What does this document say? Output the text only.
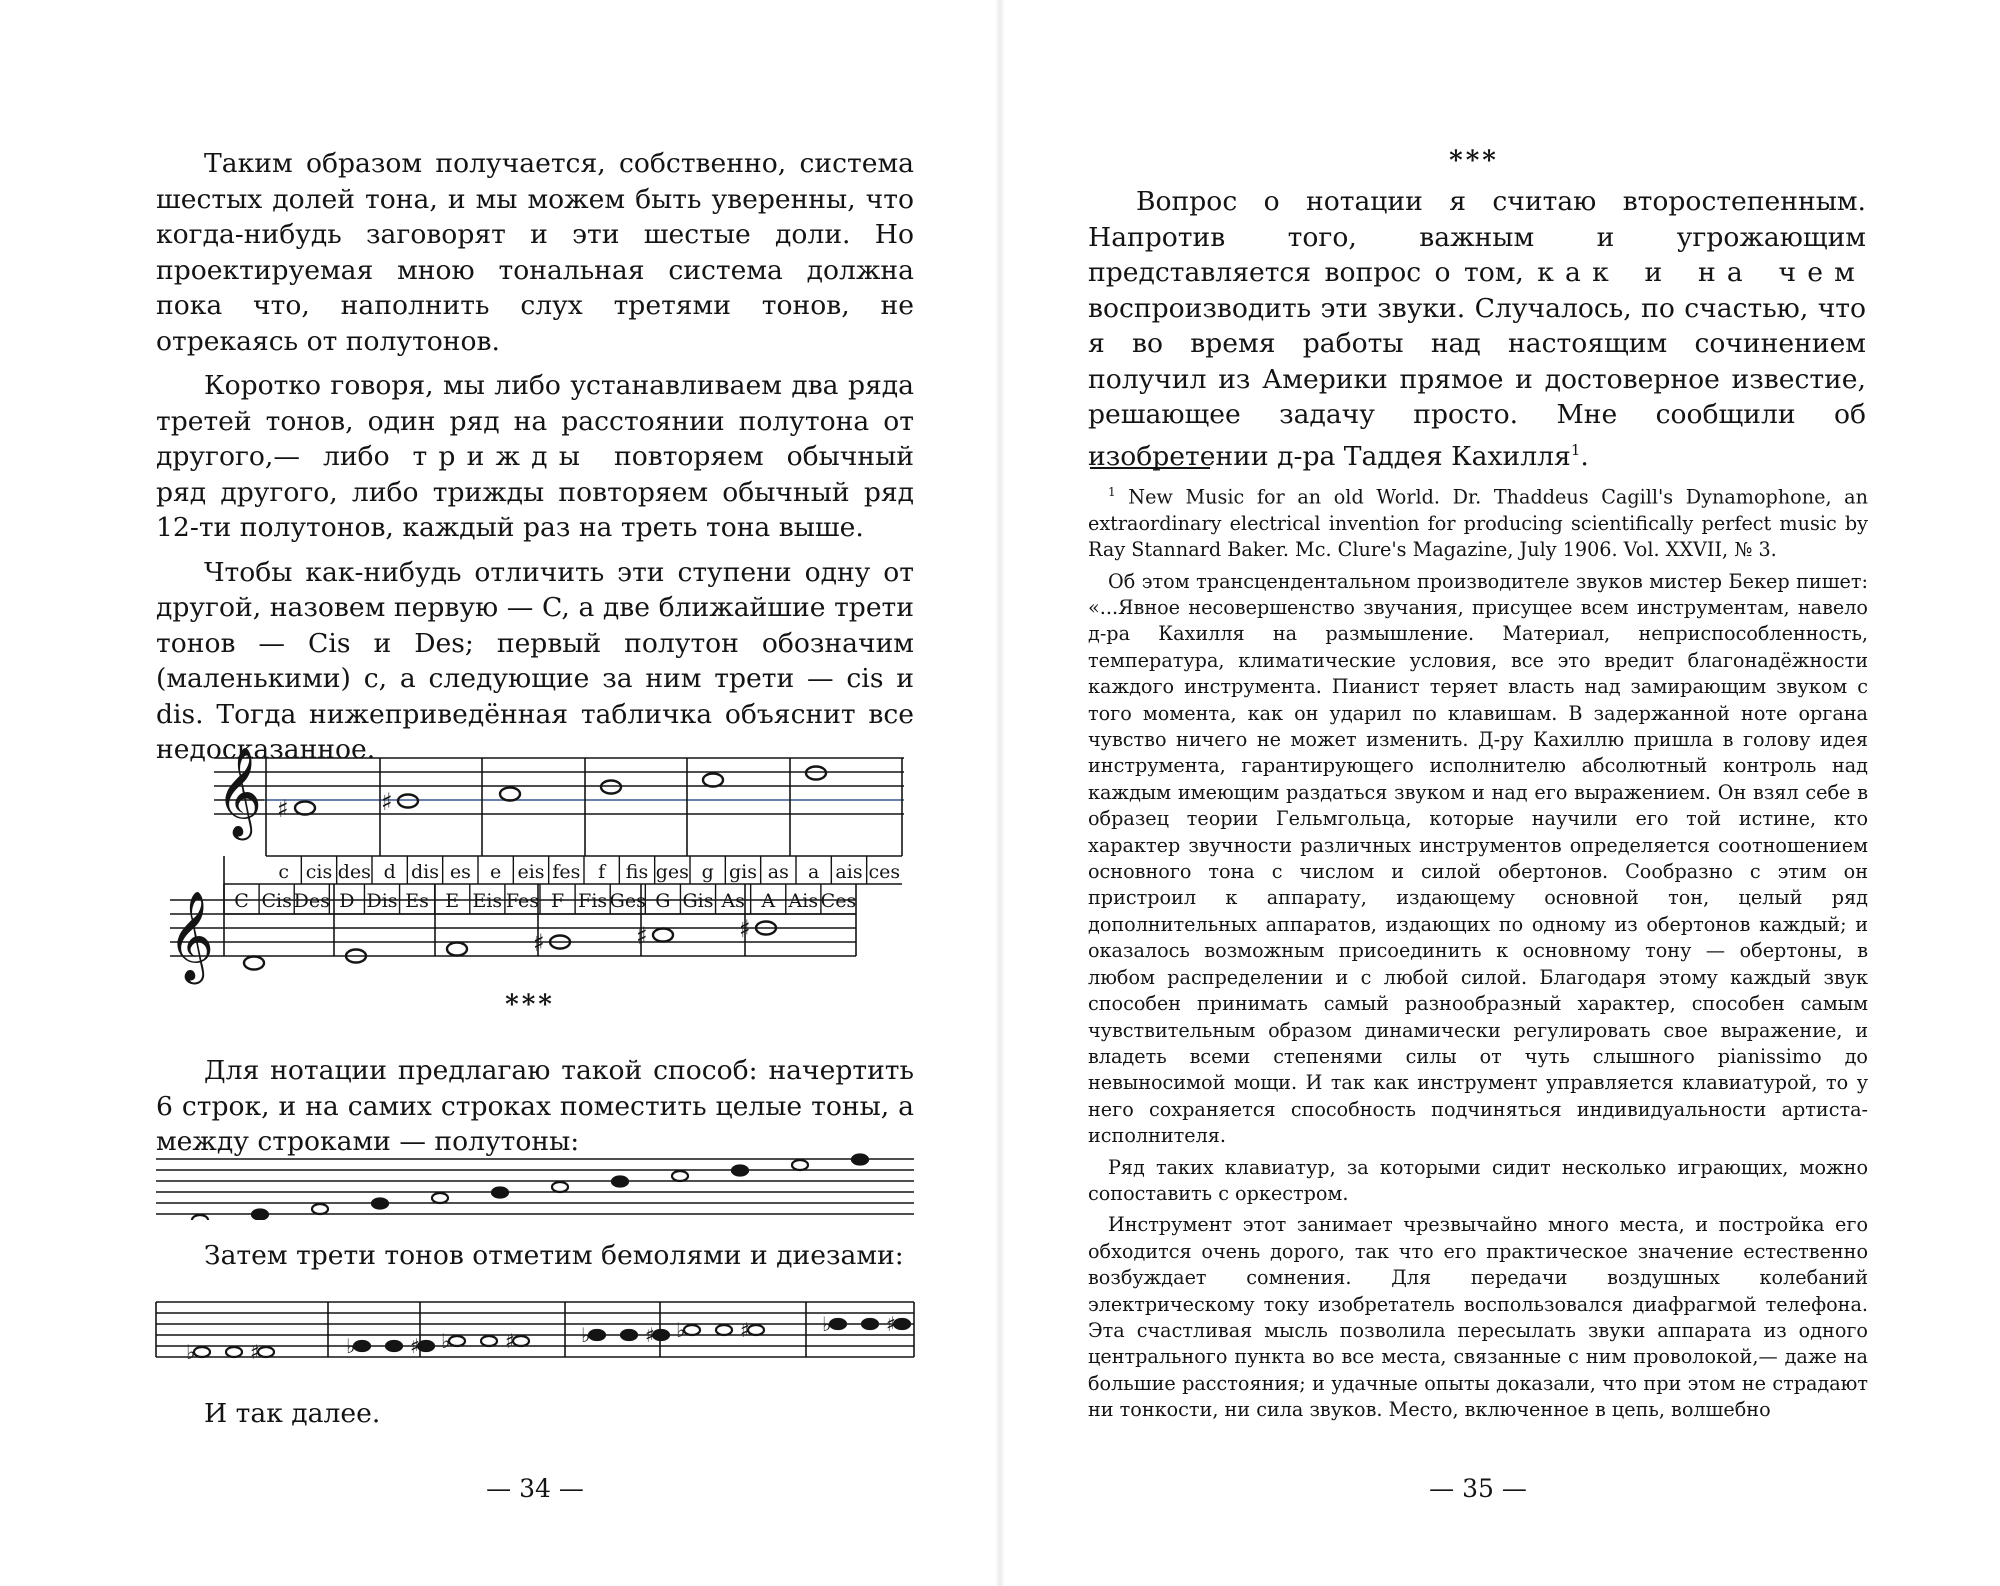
Таким образом получается, собственно, система шестых долей тона, и мы можем быть уверенны, что когда-нибудь заговорят и эти шестые доли. Но проектируемая мною тональная система должна пока что, наполнить слух третями тонов, не отрекаясь от полутонов.

Коротко говоря, мы либо устанавливаем два ряда третей тонов, один ряд на расстоянии полутона от другого,— либо трижды повторяем обычный ряд другого, либо трижды повторяем обычный ряд 12-ти полутонов, каждый раз на треть тона выше.

Чтобы как-нибудь отличить эти ступени одну от другой, назовем первую — C, а две ближайшие трети тонов — Cis и Des; первый полутон обозначим (маленькими) c, а следующие за ним трети — cis и dis. Тогда нижеприведённая табличка объяснит все недосказанное.

𝄞 ♯	♯
c cis des d dis es e eis fes f fis ges g gis as a ais ces
C Cis Des D Dis Es E Eis Fes F Fis Ges G Gis As A Ais Ces
𝄞	♯	♯	♯
***

Для нотации предлагаю такой способ: начертить 6 строк, и на самих строках поместить целые тоны, а между строками — полутоны:

Затем трети тонов отметим бемолями и диезами:

♭	♯	♭	♯ ♭	♯	♭	♯ ♭	♯	♭	♯

И так далее.

— 34 —
***

Вопрос о нотации я считаю второстепенным. Напротив того, важным и угрожающим представляется вопрос о том, как и на чем воспроизводить эти звуки. Случалось, по счастью, что я во время работы над настоящим сочинением получил из Америки прямое и достоверное известие, решающее задачу просто. Мне сообщили об изобретении д-ра Таддея Кахилля$^1$.

$^1$ New Music for an old World. Dr. Thaddeus Cagill's Dynamophone, an extraordinary electrical invention for producing scientifically perfect music by Ray Stannard Baker. Mc. Clure's Magazine, July 1906. Vol. XXVII, № 3.

Об этом трансцендентальном производителе звуков мистер Бекер пишет: «...Явное несовершенство звучания, присущее всем инструментам, навело д-ра Кахилля на размышление. Материал, неприспособленность, температура, климатические условия, все это вредит благонадёжности каждого инструмента. Пианист теряет власть над замирающим звуком с того момента, как он ударил по клавишам. В задержанной ноте органа чувство ничего не может изменить. Д-ру Кахиллю пришла в голову идея инструмента, гарантирующего исполнителю абсолютный контроль над каждым имеющим раздаться звуком и над его выражением. Он взял себе в образец теории Гельмгольца, которые научили его той истине, кто характер звучности различных инструментов определяется соотношением основного тона с числом и силой обертонов. Сообразно с этим он пристроил к аппарату, издающему основной тон, целый ряд дополнительных аппаратов, издающих по одному из обертонов каждый; и оказалось возможным присоединить к основному тону — обертоны, в любом распределении и с любой силой. Благодаря этому каждый звук способен принимать самый разнообразный характер, способен самым чувствительным образом динамически регулировать свое выражение, и владеть всеми степенями силы от чуть слышного pianissimo до невыносимой мощи. И так как инструмент управляется клавиатурой, то у него сохраняется способность подчиняться индивидуальности артиста-исполнителя.

Ряд таких клавиатур, за которыми сидит несколько играющих, можно сопоставить с оркестром.

Инструмент этот занимает чрезвычайно много места, и постройка его обходится очень дорого, так что его практическое значение естественно возбуждает сомнения. Для передачи воздушных колебаний электрическому току изобретатель воспользовался диафрагмой телефона. Эта счастливая мысль позволила пересылать звуки аппарата из одного центрального пункта во все места, связанные с ним проволокой,— даже на большие расстояния; и удачные опыты доказали, что при этом не страдают ни тонкости, ни сила звуков. Место, включенное в цепь, волшебно

— 35 —
